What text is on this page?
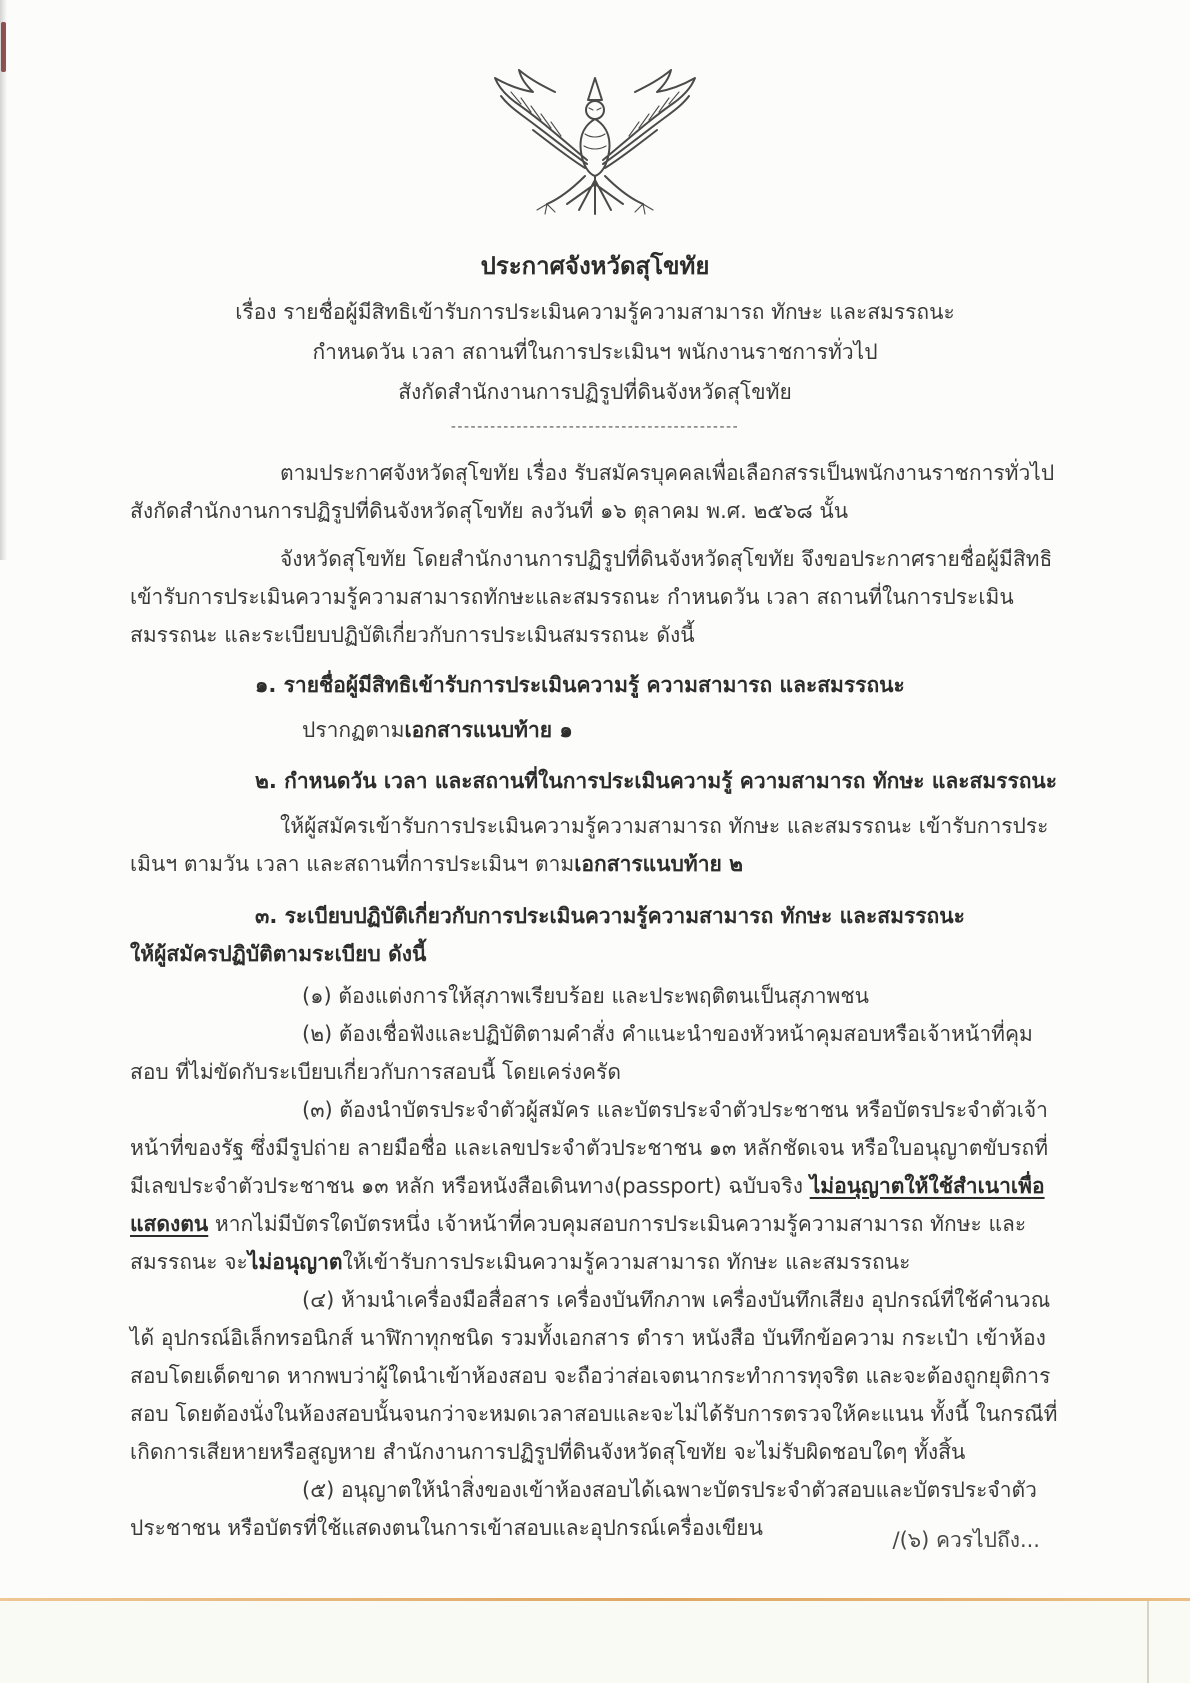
ประกาศจังหวัดสุโขทัย
เรื่อง รายชื่อผู้มีสิทธิเข้ารับการประเมินความรู้ความสามารถ ทักษะ และสมรรถนะ
กำหนดวัน เวลา สถานที่ในการประเมินฯ พนักงานราชการทั่วไป
สังกัดสำนักงานการปฏิรูปที่ดินจังหวัดสุโขทัย
--------------------------------------------

ตามประกาศจังหวัดสุโขทัย เรื่อง รับสมัครบุคคลเพื่อเลือกสรรเป็นพนักงานราชการทั่วไป สังกัดสำนักงานการปฏิรูปที่ดินจังหวัดสุโขทัย ลงวันที่ ๑๖ ตุลาคม พ.ศ. ๒๕๖๘ นั้น

จังหวัดสุโขทัย โดยสำนักงานการปฏิรูปที่ดินจังหวัดสุโขทัย จึงขอประกาศรายชื่อผู้มีสิทธิเข้ารับการประเมินความรู้ความสามารถทักษะและสมรรถนะ กำหนดวัน เวลา สถานที่ในการประเมินสมรรถนะ และระเบียบปฏิบัติเกี่ยวกับการประเมินสมรรถนะ ดังนี้

๑. รายชื่อผู้มีสิทธิเข้ารับการประเมินความรู้ ความสามารถ และสมรรถนะ

ปรากฏตามเอกสารแนบท้าย ๑

๒. กำหนดวัน เวลา และสถานที่ในการประเมินความรู้ ความสามารถ ทักษะ และสมรรถนะ

ให้ผู้สมัครเข้ารับการประเมินความรู้ความสามารถ ทักษะ และสมรรถนะ เข้ารับการประเมินฯ ตามวัน เวลา และสถานที่การประเมินฯ ตามเอกสารแนบท้าย ๒

๓. ระเบียบปฏิบัติเกี่ยวกับการประเมินความรู้ความสามารถ ทักษะ และสมรรถนะ
ให้ผู้สมัครปฏิบัติตามระเบียบ ดังนี้

(๑) ต้องแต่งการให้สุภาพเรียบร้อย และประพฤติตนเป็นสุภาพชน

(๒) ต้องเชื่อฟังและปฏิบัติตามคำสั่ง คำแนะนำของหัวหน้าคุมสอบหรือเจ้าหน้าที่คุมสอบ ที่ไม่ขัดกับระเบียบเกี่ยวกับการสอบนี้ โดยเคร่งครัด

(๓) ต้องนำบัตรประจำตัวผู้สมัคร และบัตรประจำตัวประชาชน หรือบัตรประจำตัวเจ้าหน้าที่ของรัฐ ซึ่งมีรูปถ่าย ลายมือชื่อ และเลขประจำตัวประชาชน ๑๓ หลักชัดเจน หรือใบอนุญาตขับรถที่มีเลขประจำตัวประชาชน ๑๓ หลัก หรือหนังสือเดินทาง(passport) ฉบับจริง ไม่อนุญาตให้ใช้สำเนาเพื่อแสดงตน หากไม่มีบัตรใดบัตรหนึ่ง เจ้าหน้าที่ควบคุมสอบการประเมินความรู้ความสามารถ ทักษะ และสมรรถนะ จะไม่อนุญาตให้เข้ารับการประเมินความรู้ความสามารถ ทักษะ และสมรรถนะ

(๔) ห้ามนำเครื่องมือสื่อสาร เครื่องบันทึกภาพ เครื่องบันทึกเสียง อุปกรณ์ที่ใช้คำนวณได้ อุปกรณ์อิเล็กทรอนิกส์ นาฬิกาทุกชนิด รวมทั้งเอกสาร ตำรา หนังสือ บันทึกข้อความ กระเป๋า เข้าห้องสอบโดยเด็ดขาด หากพบว่าผู้ใดนำเข้าห้องสอบ จะถือว่าส่อเจตนากระทำการทุจริต และจะต้องถูกยุติการสอบ โดยต้องนั่งในห้องสอบนั้นจนกว่าจะหมดเวลาสอบและจะไม่ได้รับการตรวจให้คะแนน ทั้งนี้ ในกรณีที่เกิดการเสียหายหรือสูญหาย สำนักงานการปฏิรูปที่ดินจังหวัดสุโขทัย จะไม่รับผิดชอบใดๆ ทั้งสิ้น

(๕) อนุญาตให้นำสิ่งของเข้าห้องสอบได้เฉพาะบัตรประจำตัวสอบและบัตรประจำตัวประชาชน หรือบัตรที่ใช้แสดงตนในการเข้าสอบและอุปกรณ์เครื่องเขียน	/(๖) ควรไปถึง...
